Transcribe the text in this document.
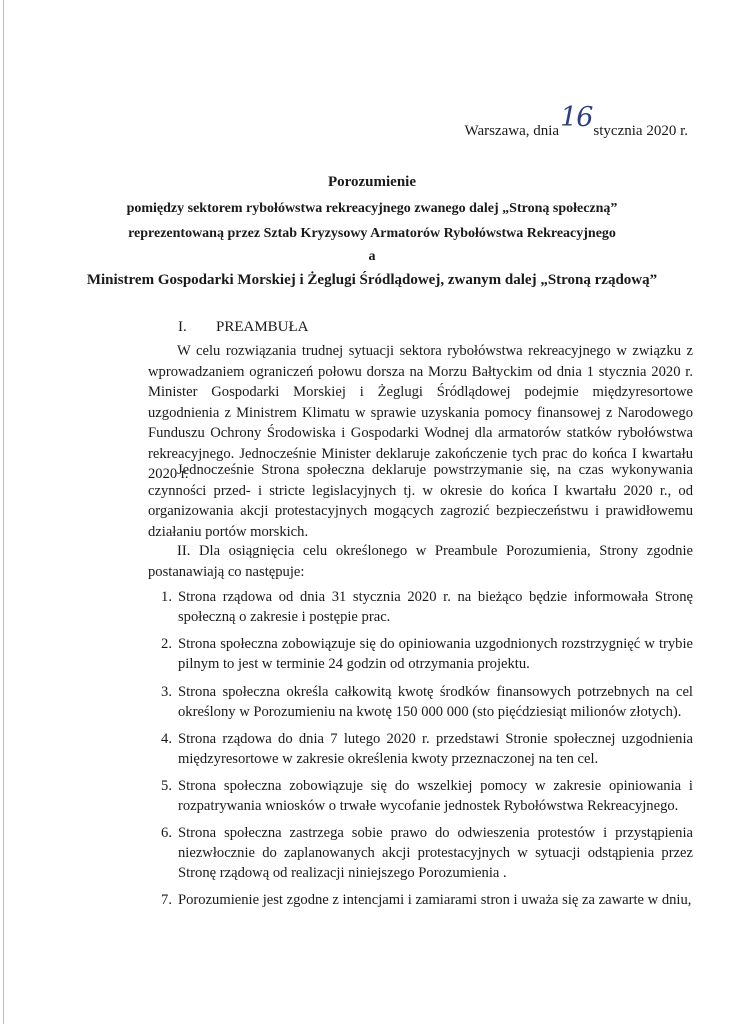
Warszawa, dnia16stycznia 2020 r.
Porozumienie
pomiędzy sektorem rybołówstwa rekreacyjnego zwanego dalej „Stroną społeczną”
reprezentowaną przez Sztab Kryzysowy Armatorów Rybołówstwa Rekreacyjnego
a
Ministrem Gospodarki Morskiej i Żeglugi Śródlądowej, zwanym dalej „Stroną rządową”
I. PREAMBUŁA

W celu rozwiązania trudnej sytuacji sektora rybołówstwa rekreacyjnego w związku z wprowadzaniem ograniczeń połowu dorsza na Morzu Bałtyckim od dnia 1 stycznia 2020 r. Minister Gospodarki Morskiej i Żeglugi Śródlądowej podejmie międzyresortowe uzgodnienia z Ministrem Klimatu w sprawie uzyskania pomocy finansowej z Narodowego Funduszu Ochrony Środowiska i Gospodarki Wodnej dla armatorów statków rybołówstwa rekreacyjnego. Jednocześnie Minister deklaruje zakończenie tych prac do końca I kwartału 2020 r.

Jednocześnie Strona społeczna deklaruje powstrzymanie się, na czas wykonywania czynności przed- i stricte legislacyjnych tj. w okresie do końca I kwartału 2020 r., od organizowania akcji protestacyjnych mogących zagrozić bezpieczeństwu i prawidłowemu działaniu portów morskich.

II. Dla osiągnięcia celu określonego w Preambule Porozumienia, Strony zgodnie postanawiają co następuje:

1. Strona rządowa od dnia 31 stycznia 2020 r. na bieżąco będzie informowała Stronę społeczną o zakresie i postępie prac.
2. Strona społeczna zobowiązuje się do opiniowania uzgodnionych rozstrzygnięć w trybie pilnym to jest w terminie 24 godzin od otrzymania projektu.
3. Strona społeczna określa całkowitą kwotę środków finansowych potrzebnych na cel określony w Porozumieniu na kwotę 150 000 000 (sto pięćdziesiąt milionów złotych).
4. Strona rządowa do dnia 7 lutego 2020 r. przedstawi Stronie społecznej uzgodnienia międzyresortowe w zakresie określenia kwoty przeznaczonej na ten cel.
5. Strona społeczna zobowiązuje się do wszelkiej pomocy w zakresie opiniowania i rozpatrywania wniosków o trwałe wycofanie jednostek Rybołówstwa Rekreacyjnego.
6. Strona społeczna zastrzega sobie prawo do odwieszenia protestów i przystąpienia niezwłocznie do zaplanowanych akcji protestacyjnych w sytuacji odstąpienia przez Stronę rządową od realizacji niniejszego Porozumienia .
7. Porozumienie jest zgodne z intencjami i zamiarami stron i uważa się za zawarte w dniu,
